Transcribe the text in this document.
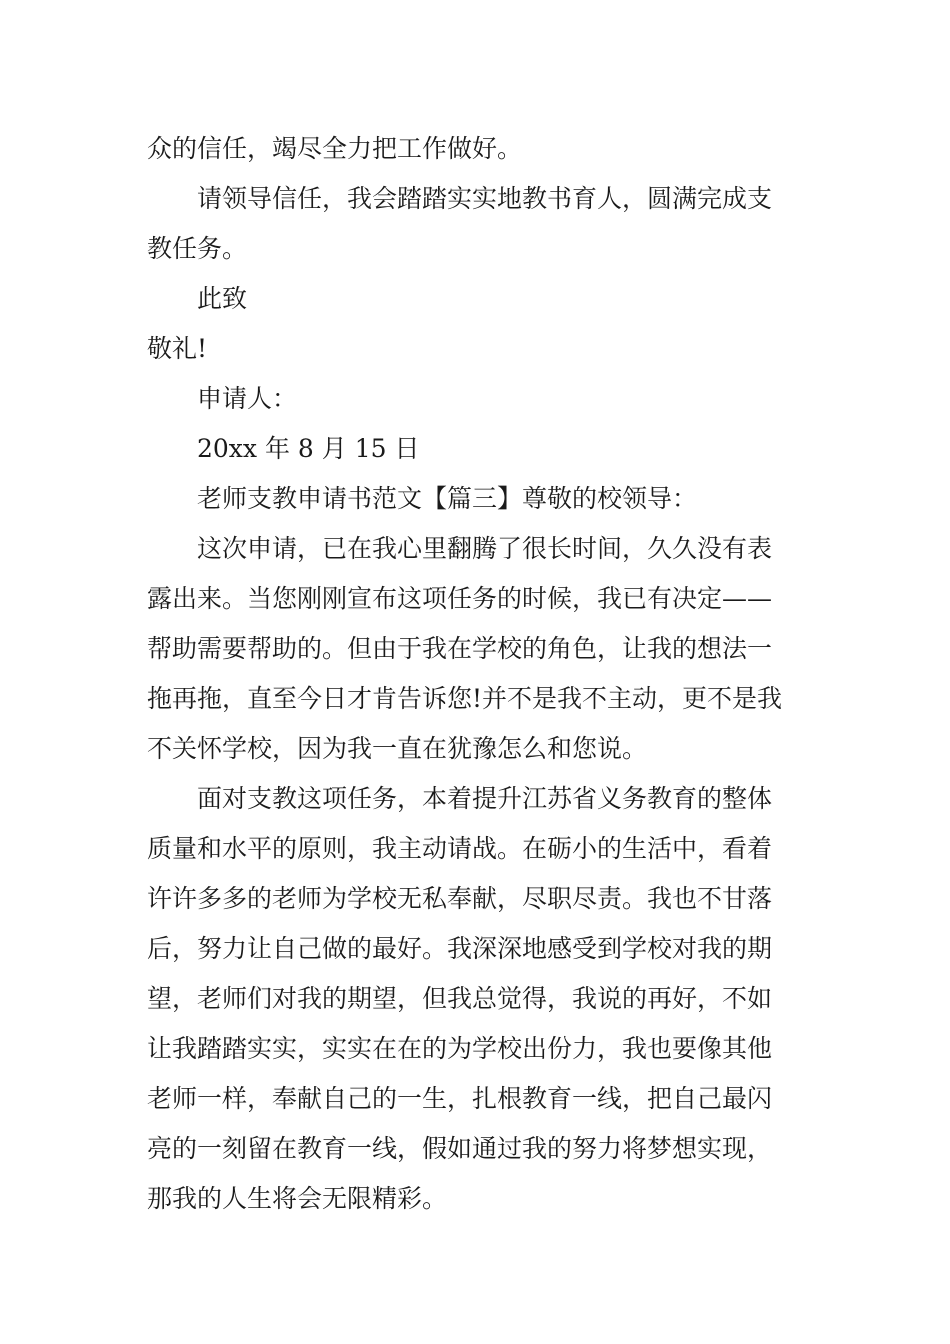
众的信任，竭尽全力把工作做好。

请领导信任，我会踏踏实实地教书育人，圆满完成支

教任务。

此致

敬礼!

申请人：

20xx 年 8 月 15 日

老师支教申请书范文【篇三】尊敬的校领导：

这次申请，已在我心里翻腾了很长时间，久久没有表

露出来。当您刚刚宣布这项任务的时候，我已有决定——

帮助需要帮助的。但由于我在学校的角色，让我的想法一

拖再拖，直至今日才肯告诉您!并不是我不主动，更不是我

不关怀学校，因为我一直在犹豫怎么和您说。

面对支教这项任务，本着提升江苏省义务教育的整体

质量和水平的原则，我主动请战。在砺小的生活中，看着

许许多多的老师为学校无私奉献，尽职尽责。我也不甘落

后，努力让自己做的最好。我深深地感受到学校对我的期

望，老师们对我的期望，但我总觉得，我说的再好，不如

让我踏踏实实，实实在在的为学校出份力，我也要像其他

老师一样，奉献自己的一生，扎根教育一线，把自己最闪

亮的一刻留在教育一线，假如通过我的努力将梦想实现，

那我的人生将会无限精彩。
